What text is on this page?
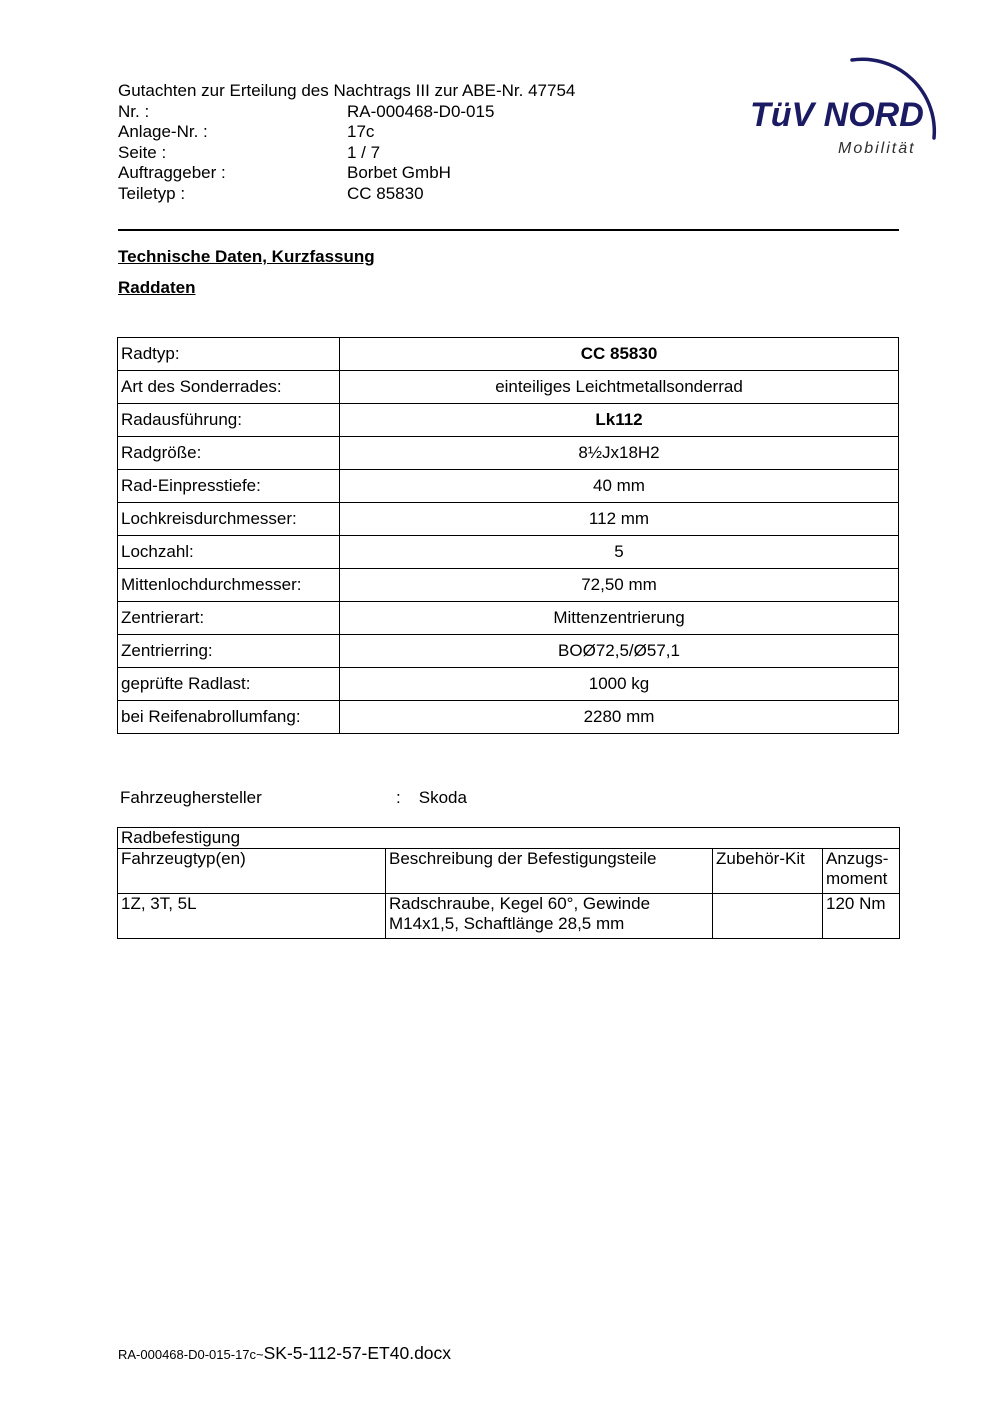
Gutachten zur Erteilung des Nachtrags III zur ABE-Nr. 47754
Nr. :	RA-000468-D0-015
Anlage-Nr. :	17c
Seite :	1 / 7
Auftraggeber :	Borbet GmbH
Teiletyp :	CC 85830
TüV NORD
Mobilität
Technische Daten, Kurzfassung
Raddaten
Radtyp:	CC 85830
Art des Sonderrades:	einteiliges Leichtmetallsonderrad
Radausführung:	Lk112
Radgröße:	8½Jx18H2
Rad-Einpresstiefe:	40 mm
Lochkreisdurchmesser:	112 mm
Lochzahl:	5
Mittenlochdurchmesser:	72,50 mm
Zentrierart:	Mittenzentrierung
Zentrierring:	BOØ72,5/Ø57,1
geprüfte Radlast:	1000 kg
bei Reifenabrollumfang:	2280 mm
Fahrzeughersteller	: Skoda
Radbefestigung			
Fahrzeugtyp(en)	Beschreibung der Befestigungsteile	Zubehör-Kit	Anzugs-moment
1Z, 3T, 5L	Radschraube, Kegel 60°, Gewinde M14x1,5, Schaftlänge 28,5 mm		120 Nm
RA-000468-D0-015-17c~SK-5-112-57-ET40.docx
